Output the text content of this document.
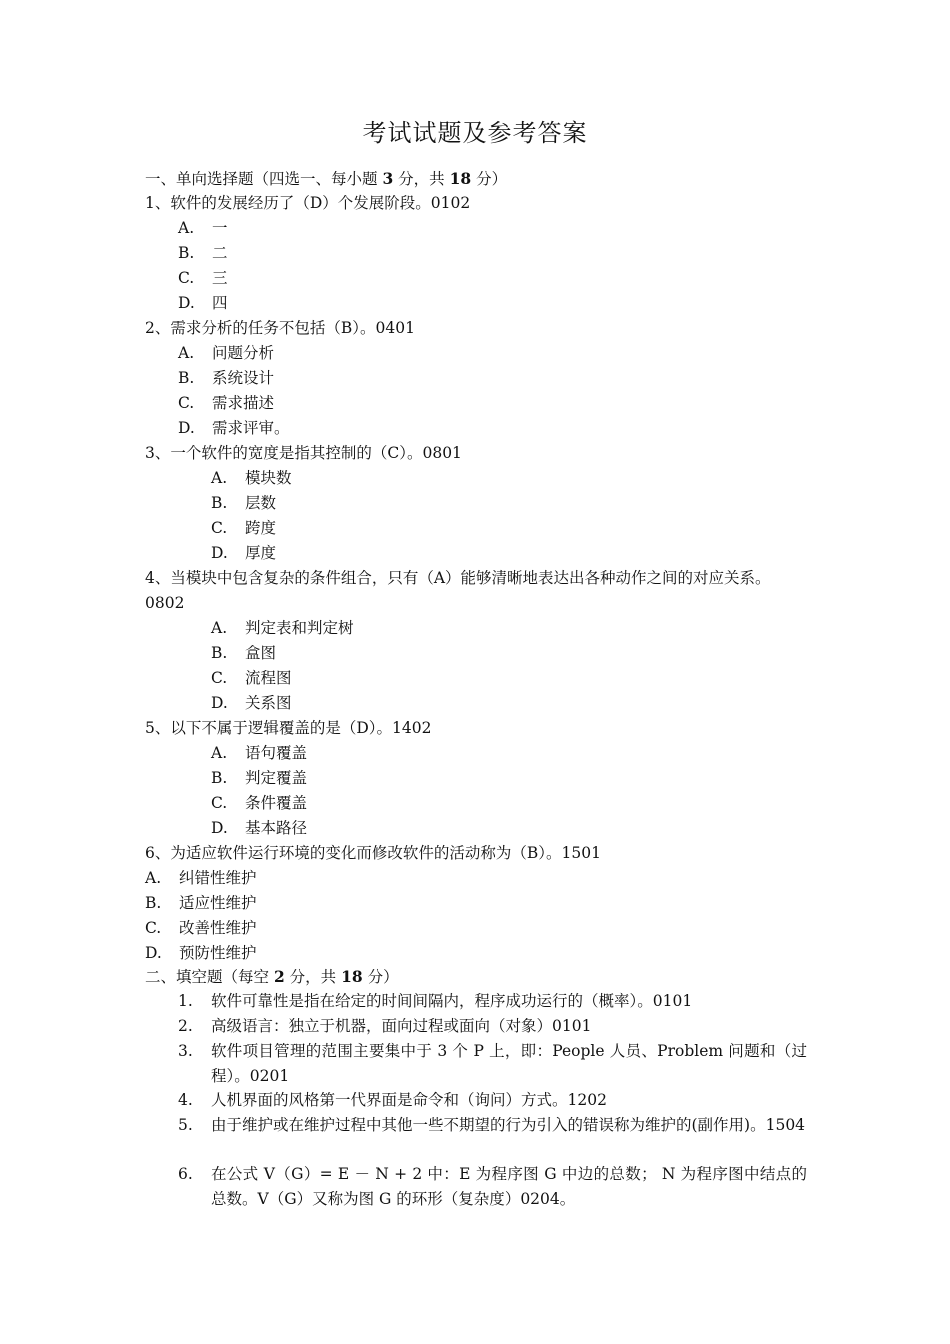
考试试题及参考答案
一、单向选择题（四选一、每小题 3 分，共 18 分）
1、软件的发展经历了（D）个发展阶段。0102
A. 一
B. 二
C. 三
D. 四
2、需求分析的任务不包括（B）。0401
A. 问题分析
B. 系统设计
C. 需求描述
D. 需求评审。
3、一个软件的宽度是指其控制的（C）。0801
A. 模块数
B. 层数
C. 跨度
D. 厚度
4、当模块中包含复杂的条件组合，只有（A）能够清晰地表达出各种动作之间的对应关系。
0802
A. 判定表和判定树
B. 盒图
C. 流程图
D. 关系图
5、以下不属于逻辑覆盖的是（D）。1402
A. 语句覆盖
B. 判定覆盖
C. 条件覆盖
D. 基本路径
6、为适应软件运行环境的变化而修改软件的活动称为（B）。1501
A. 纠错性维护
B. 适应性维护
C. 改善性维护
D. 预防性维护
二、填空题（每空 2 分，共 18 分）
1. 软件可靠性是指在给定的时间间隔内，程序成功运行的（概率）。0101
2. 高级语言：独立于机器，面向过程或面向（对象）0101
3. 软件项目管理的范围主要集中于 3 个 P 上，即：People 人员、Problem 问题和（过程）。0201
4. 人机界面的风格第一代界面是命令和（询问）方式。1202
5. 由于维护或在维护过程中其他一些不期望的行为引入的错误称为维护的(副作用)。1504
6. 在公式 V（G）= E － N + 2 中：E 为程序图 G 中边的总数； N 为程序图中结点的总数。V（G）又称为图 G 的环形（复杂度）0204。
